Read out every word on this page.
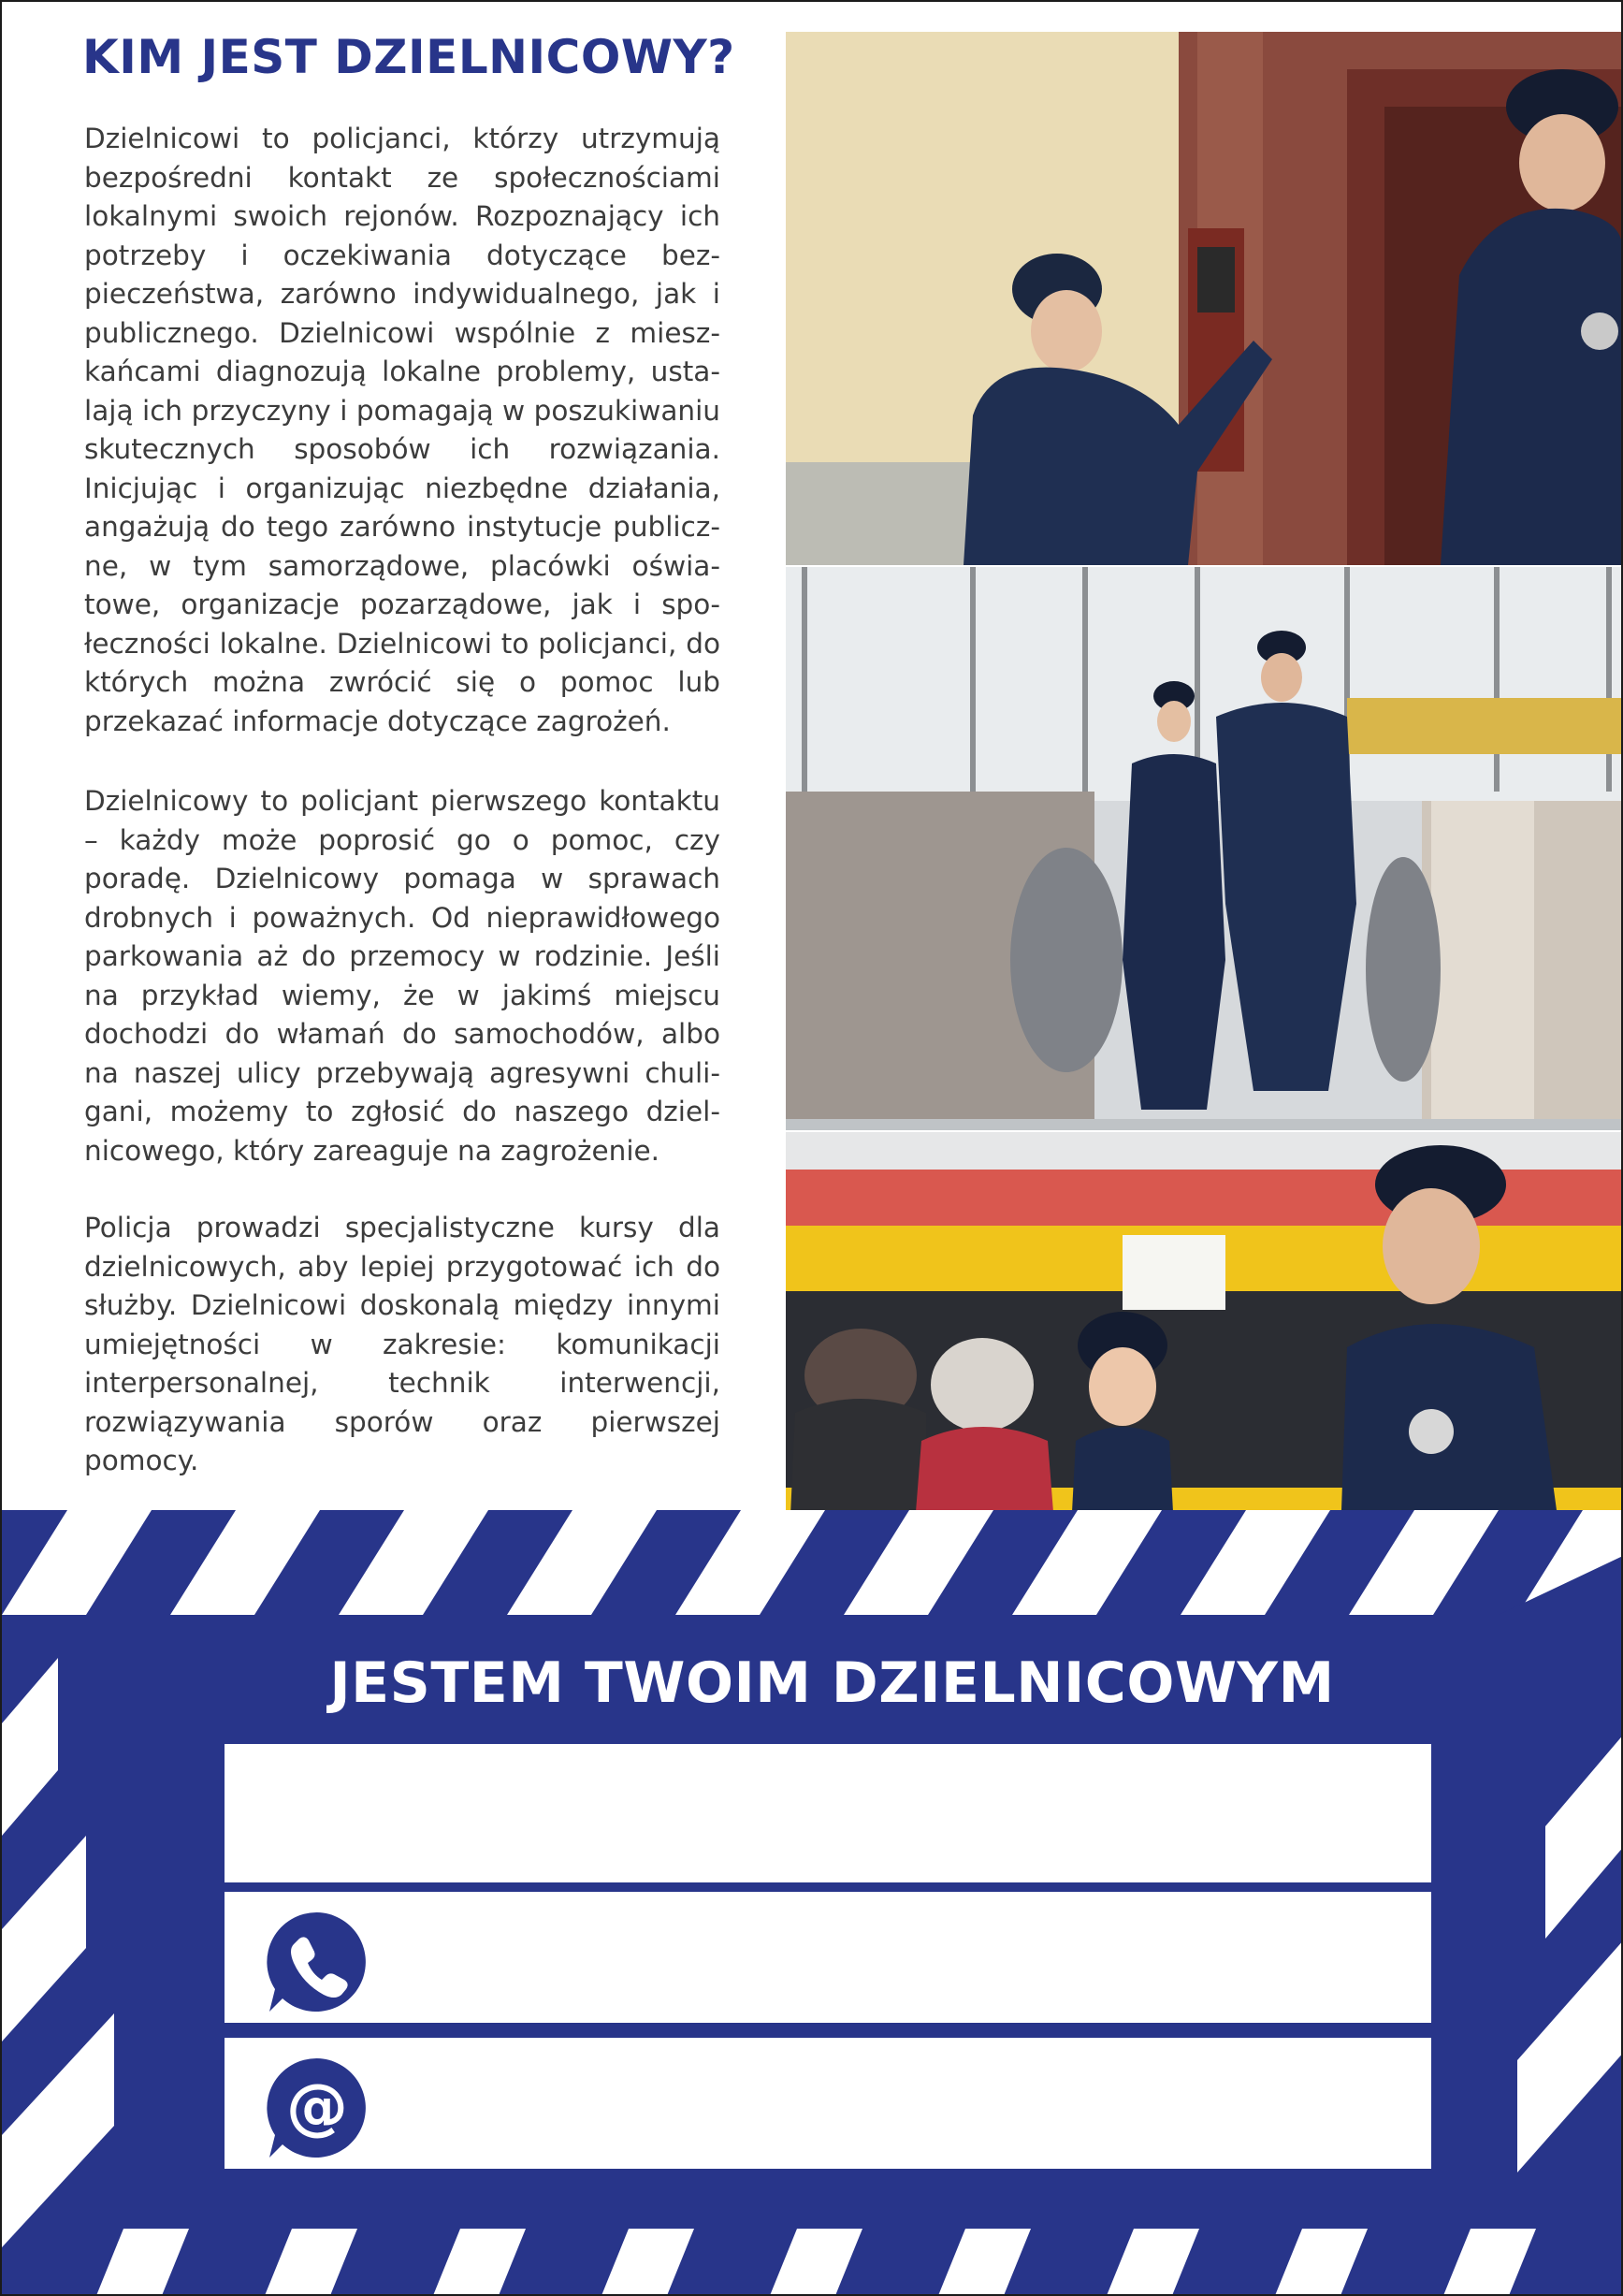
KIM JEST DZIELNICOWY?

Dzielnicowi to policjanci, którzy utrzymują bezpośredni kontakt ze społecznościami lokalnymi swoich rejonów. Rozpoznający ich potrzeby i oczekiwania dotyczące bezpieczeństwa, zarówno indywidualnego, jak i publicznego. Dzielnicowi wspólnie z mieszkańcami diagnozują lokalne problemy, ustalają ich przyczyny i pomagają w poszukiwaniu skutecznych sposobów ich rozwiązania. Inicjując i organizując niezbędne działania, angażują do tego zarówno instytucje publiczne, w tym samorządowe, placówki oświatowe, organizacje pozarządowe, jak i społeczności lokalne. Dzielnicowi to policjanci, do których można zwrócić się o pomoc lub przekazać informacje dotyczące zagrożeń.

Dzielnicowy to policjant pierwszego kontaktu – każdy może poprosić go o pomoc, czy poradę. Dzielnicowy pomaga w sprawach drobnych i poważnych. Od nieprawidłowego parkowania aż do przemocy w rodzinie. Jeśli na przykład wiemy, że w jakimś miejscu dochodzi do włamań do samochodów, albo na naszej ulicy przebywają agresywni chuligani, możemy to zgłosić do naszego dzielnicowego, który zareaguje na zagrożenie.

Policja prowadzi specjalistyczne kursy dla dzielnicowych, aby lepiej przygotować ich do służby. Dzielnicowi doskonalą między innymi umiejętności w zakresie: komunikacji interpersonalnej, technik interwencji, rozwiązywania sporów oraz pierwszej pomocy.

JESTEM TWOIM DZIELNICOWYM
@
